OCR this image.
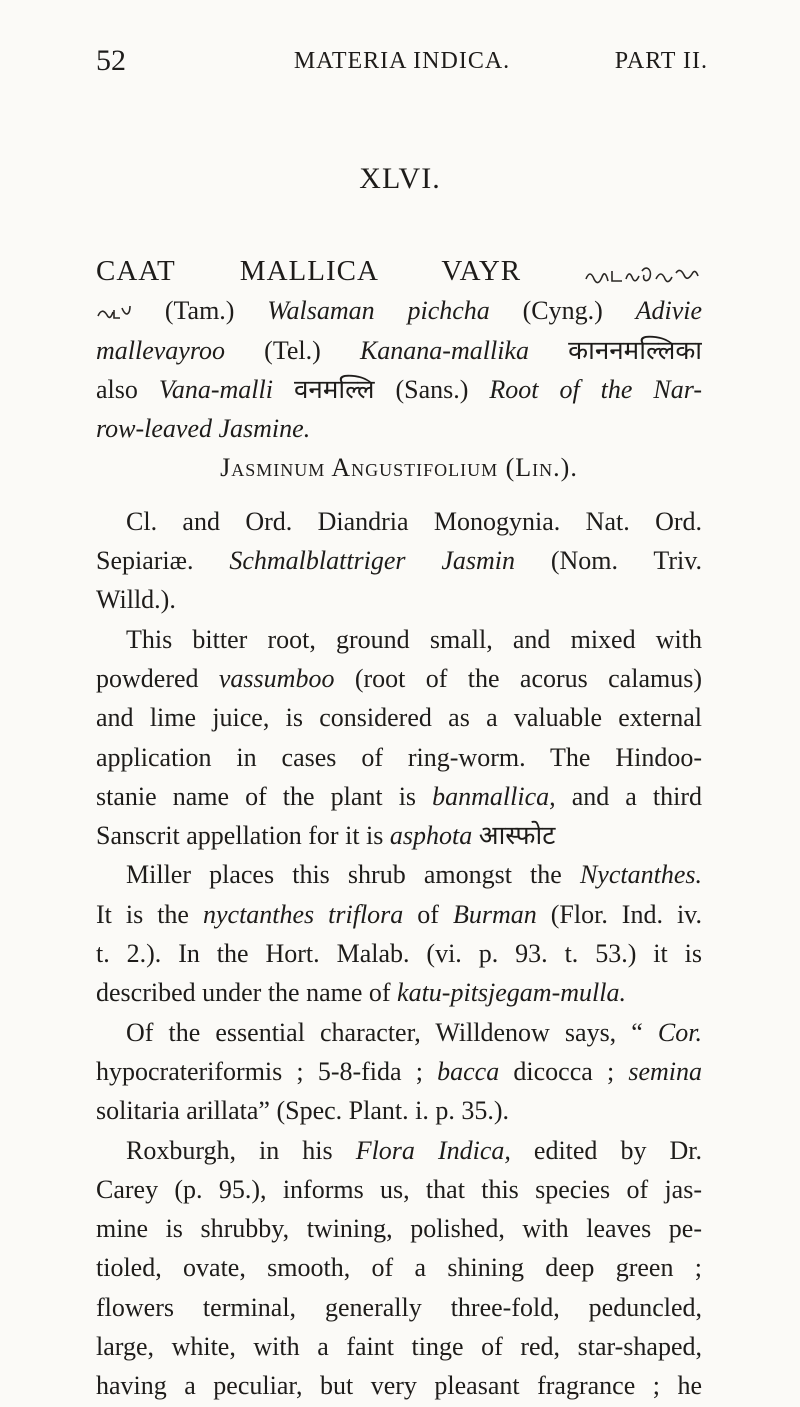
52	MATERIA INDICA.	PART II.
XLVI.
CAAT MALLICA VAYR
(Tam.) Walsaman pichcha (Cyng.) Adivie
mallevayroo (Tel.) Kanana-mallika काननमल्लिका
also Vana-malli वनमल्लि (Sans.) Root of the Nar-
row-leaved Jasmine.
Jasminum Angustifolium (Lin.).
Cl. and Ord. Diandria Monogynia. Nat. Ord.
Sepiariæ. Schmalblattriger Jasmin (Nom. Triv.
Willd.).
This bitter root, ground small, and mixed with
powdered vassumboo (root of the acorus calamus)
and lime juice, is considered as a valuable external
application in cases of ring-worm. The Hindoo-
stanie name of the plant is banmallica, and a third
Sanscrit appellation for it is asphota आस्फोट
Miller places this shrub amongst the Nyctanthes.
It is the nyctanthes triflora of Burman (Flor. Ind. iv.
t. 2.). In the Hort. Malab. (vi. p. 93. t. 53.) it is
described under the name of katu-pitsjegam-mulla.
Of the essential character, Willdenow says, “ Cor.
hypocrateriformis ; 5-8-fida ; bacca dicocca ; semina
solitaria arillata” (Spec. Plant. i. p. 35.).
Roxburgh, in his Flora Indica, edited by Dr.
Carey (p. 95.), informs us, that this species of jas-
mine is shrubby, twining, polished, with leaves pe-
tioled, ovate, smooth, of a shining deep green ;
flowers terminal, generally three-fold, peduncled,
large, white, with a faint tinge of red, star-shaped,
having a peculiar, but very pleasant fragrance ; he
